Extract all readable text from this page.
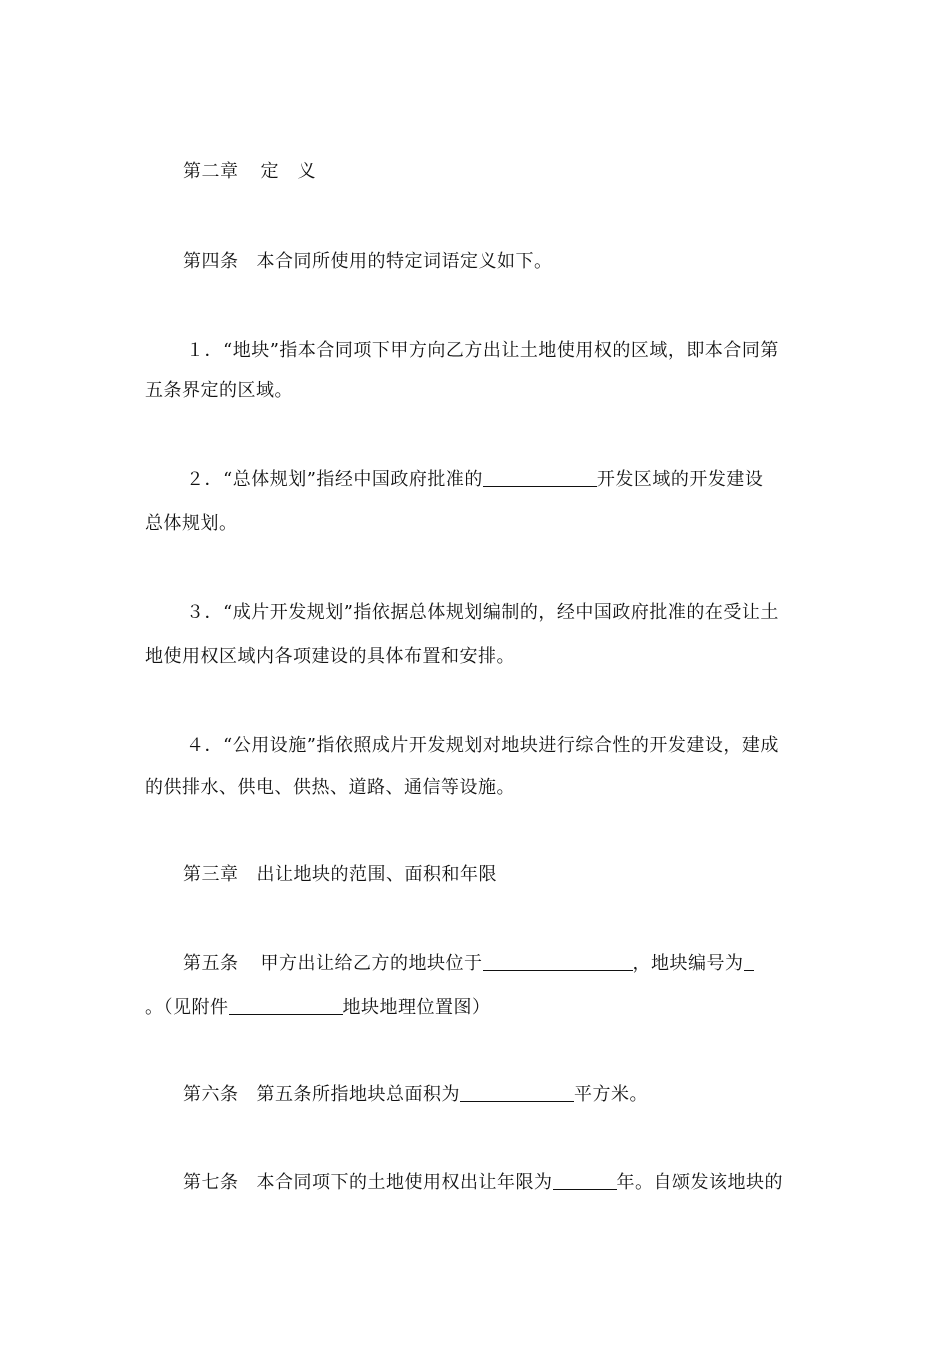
第二章 定　义
第四条 本合同所使用的特定词语定义如下。
１．“地块”指本合同项下甲方向乙方出让土地使用权的区域，即本合同第
五条界定的区域。
２．“总体规划”指经中国政府批准的	开发区域的开发建设
总体规划。
３．“成片开发规划”指依据总体规划编制的，经中国政府批准的在受让土
地使用权区域内各项建设的具体布置和安排。
４．“公用设施”指依照成片开发规划对地块进行综合性的开发建设，建成
的供排水、供电、供热、道路、通信等设施。
第三章 出让地块的范围、面积和年限
第五条 甲方出让给乙方的地块位于	，地块编号为
。（见附件	地块地理位置图）
第六条 第五条所指地块总面积为	平方米。
第七条 本合同项下的土地使用权出让年限为	年。自颂发该地块的
